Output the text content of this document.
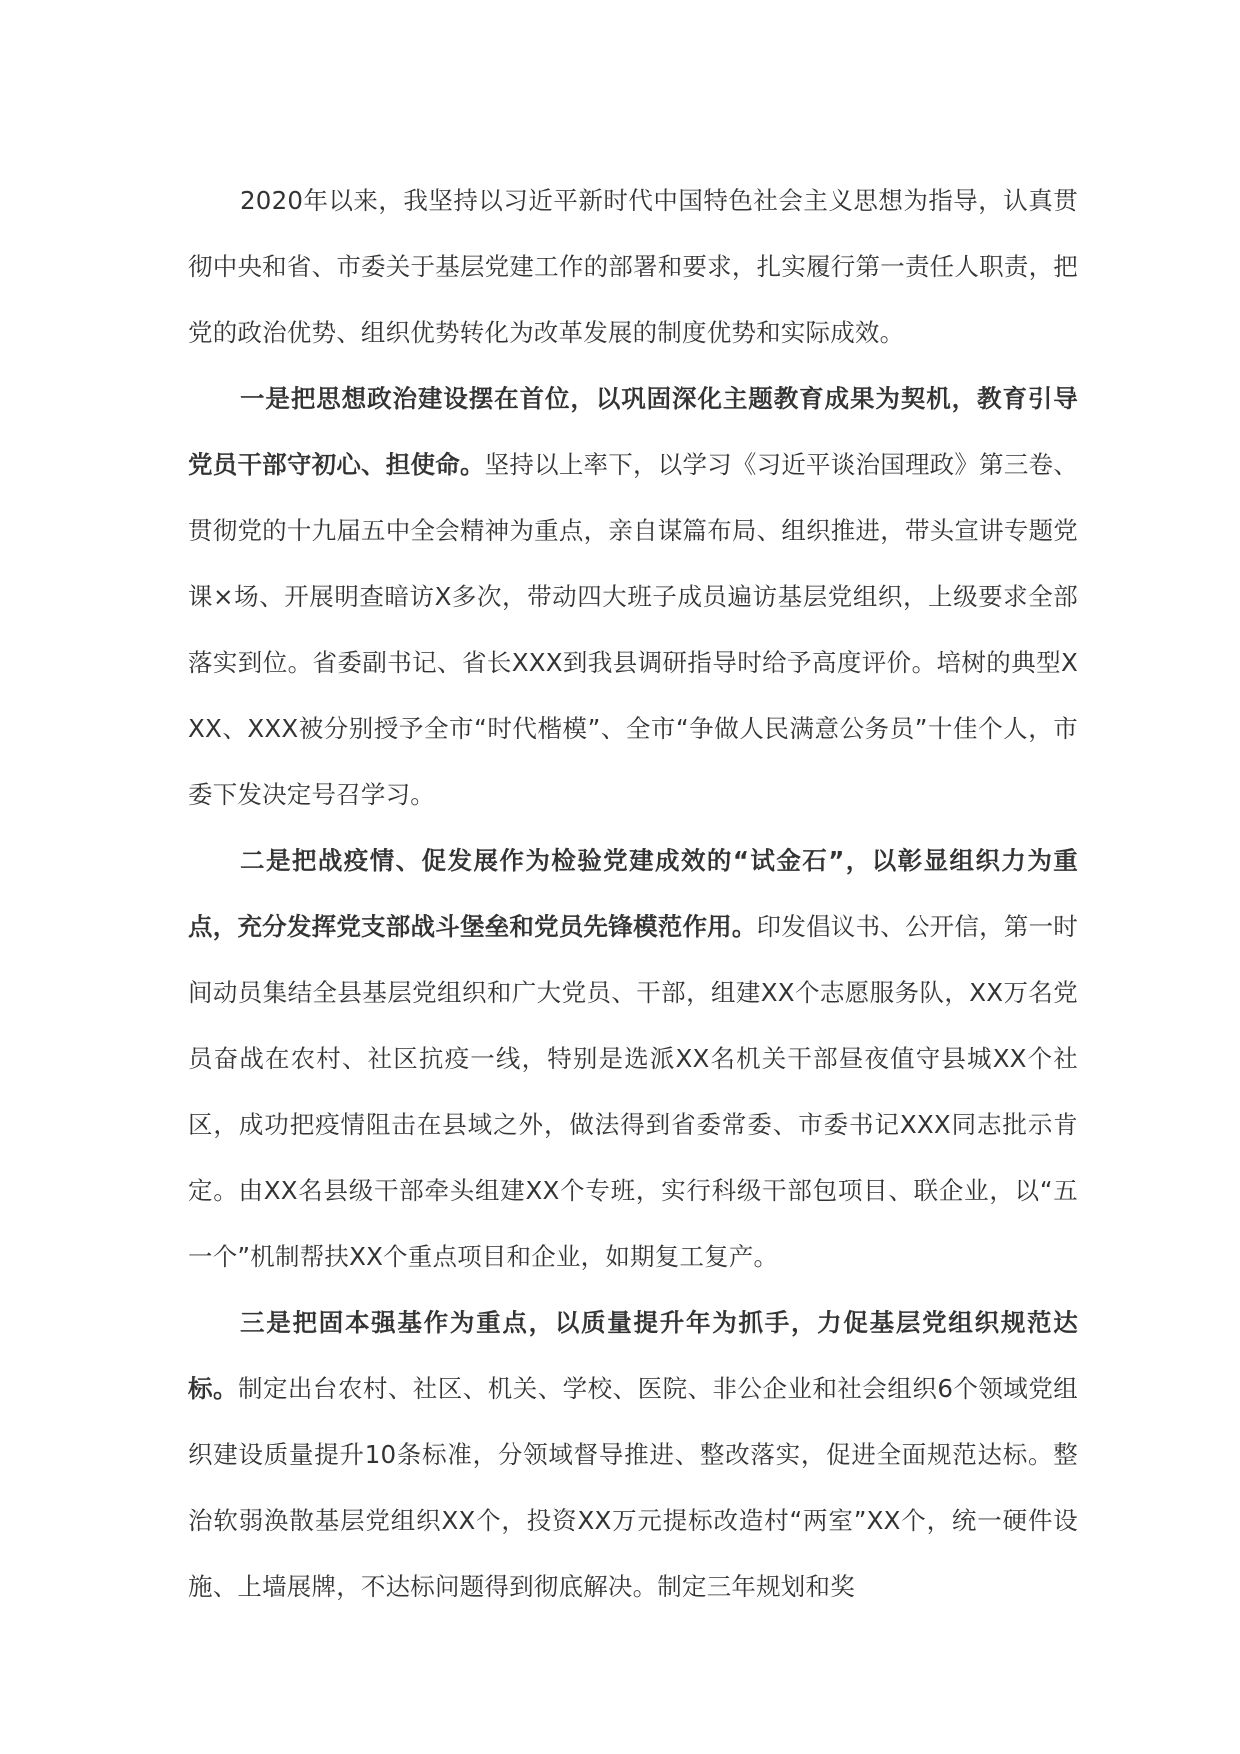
2020年以来，我坚持以习近平新时代中国特色社会主义思想为指导，认真贯彻中央和省、市委关于基层党建工作的部署和要求，扎实履行第一责任人职责，把党的政治优势、组织优势转化为改革发展的制度优势和实际成效。

一是把思想政治建设摆在首位，以巩固深化主题教育成果为契机，教育引导党员干部守初心、担使命。坚持以上率下，以学习《习近平谈治国理政》第三卷、贯彻党的十九届五中全会精神为重点，亲自谋篇布局、组织推进，带头宣讲专题党课×场、开展明查暗访X多次，带动四大班子成员遍访基层党组织，上级要求全部落实到位。省委副书记、省长XXX到我县调研指导时给予高度评价。培树的典型XXX、XXX被分别授予全市“时代楷模”、全市“争做人民满意公务员”十佳个人，市委下发决定号召学习。

二是把战疫情、促发展作为检验党建成效的“试金石”，以彰显组织力为重点，充分发挥党支部战斗堡垒和党员先锋模范作用。印发倡议书、公开信，第一时间动员集结全县基层党组织和广大党员、干部，组建XX个志愿服务队，XX万名党员奋战在农村、社区抗疫一线，特别是选派XX名机关干部昼夜值守县城XX个社区，成功把疫情阻击在县域之外，做法得到省委常委、市委书记XXX同志批示肯定。由XX名县级干部牵头组建XX个专班，实行科级干部包项目、联企业，以“五一个”机制帮扶XX个重点项目和企业，如期复工复产。

三是把固本强基作为重点，以质量提升年为抓手，力促基层党组织规范达标。制定出台农村、社区、机关、学校、医院、非公企业和社会组织6个领域党组织建设质量提升10条标准，分领域督导推进、整改落实，促进全面规范达标。整治软弱涣散基层党组织XX个，投资XX万元提标改造村“两室”XX个，统一硬件设施、上墙展牌，不达标问题得到彻底解决。制定三年规划和奖
